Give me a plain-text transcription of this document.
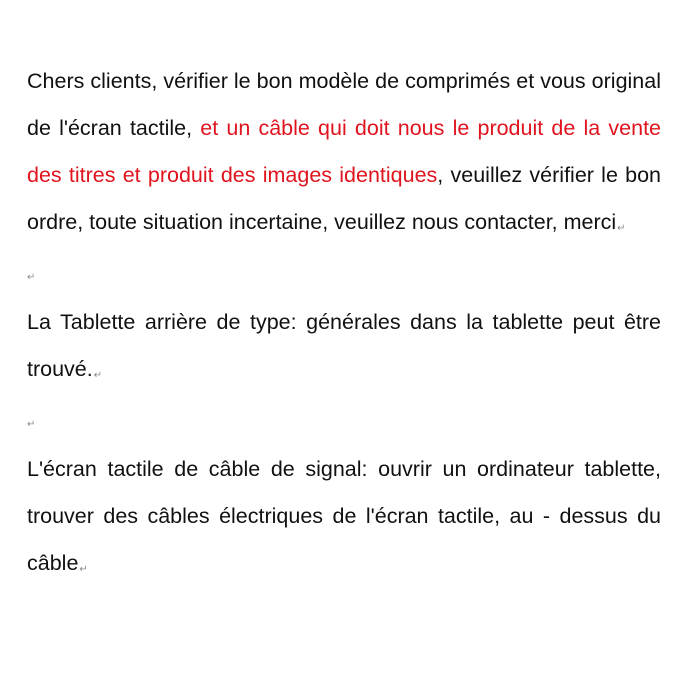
Chers clients, vérifier le bon modèle de comprimés et vous original de l'écran tactile, et un câble qui doit nous le produit de la vente des titres et produit des images identiques, veuillez vérifier le bon ordre, toute situation incertaine, veuillez nous contacter, merci↵

↵

La Tablette arrière de type: générales dans la tablette peut être trouvé.↵

↵

L'écran tactile de câble de signal: ouvrir un ordinateur tablette, trouver des câbles électriques de l'écran tactile, au - dessus du câble↵
